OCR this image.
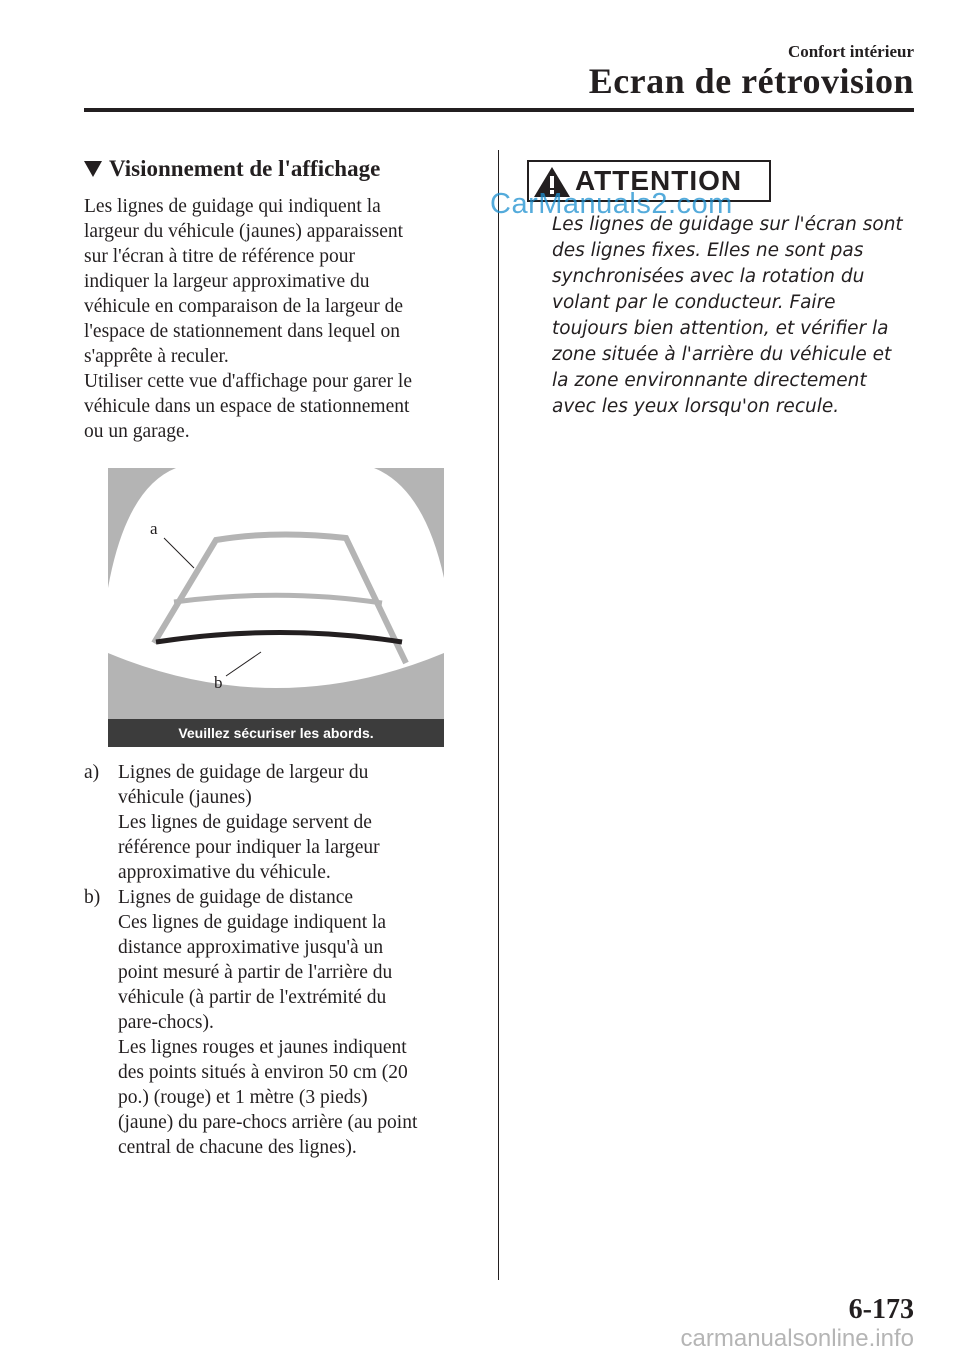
Confort intérieur
Ecran de rétrovision
Visionnement de l'affichage

Les lignes de guidage qui indiquent la
largeur du véhicule (jaunes) apparaissent
sur l'écran à titre de référence pour
indiquer la largeur approximative du
véhicule en comparaison de la largeur de
l'espace de stationnement dans lequel on
s'apprête à reculer.

Utiliser cette vue d'affichage pour garer le
véhicule dans un espace de stationnement
ou un garage.

a
b
Veuillez sécuriser les abords.
a) Lignes de guidage de largeur du
véhicule (jaunes)
Les lignes de guidage servent de
référence pour indiquer la largeur
approximative du véhicule.
b) Lignes de guidage de distance
Ces lignes de guidage indiquent la
distance approximative jusqu'à un
point mesuré à partir de l'arrière du
véhicule (à partir de l'extrémité du
pare-chocs).
Les lignes rouges et jaunes indiquent
des points situés à environ 50 cm (20
po.) (rouge) et 1 mètre (3 pieds)
(jaune) du pare-chocs arrière (au point
central de chacune des lignes).
ATTENTION
Les lignes de guidage sur l'écran sont
des lignes fixes. Elles ne sont pas
synchronisées avec la rotation du
volant par le conducteur. Faire
toujours bien attention, et vérifier la
zone située à l'arrière du véhicule et
la zone environnante directement
avec les yeux lorsqu'on recule.
CarManuals2.com
6-173
carmanualsonline.info
